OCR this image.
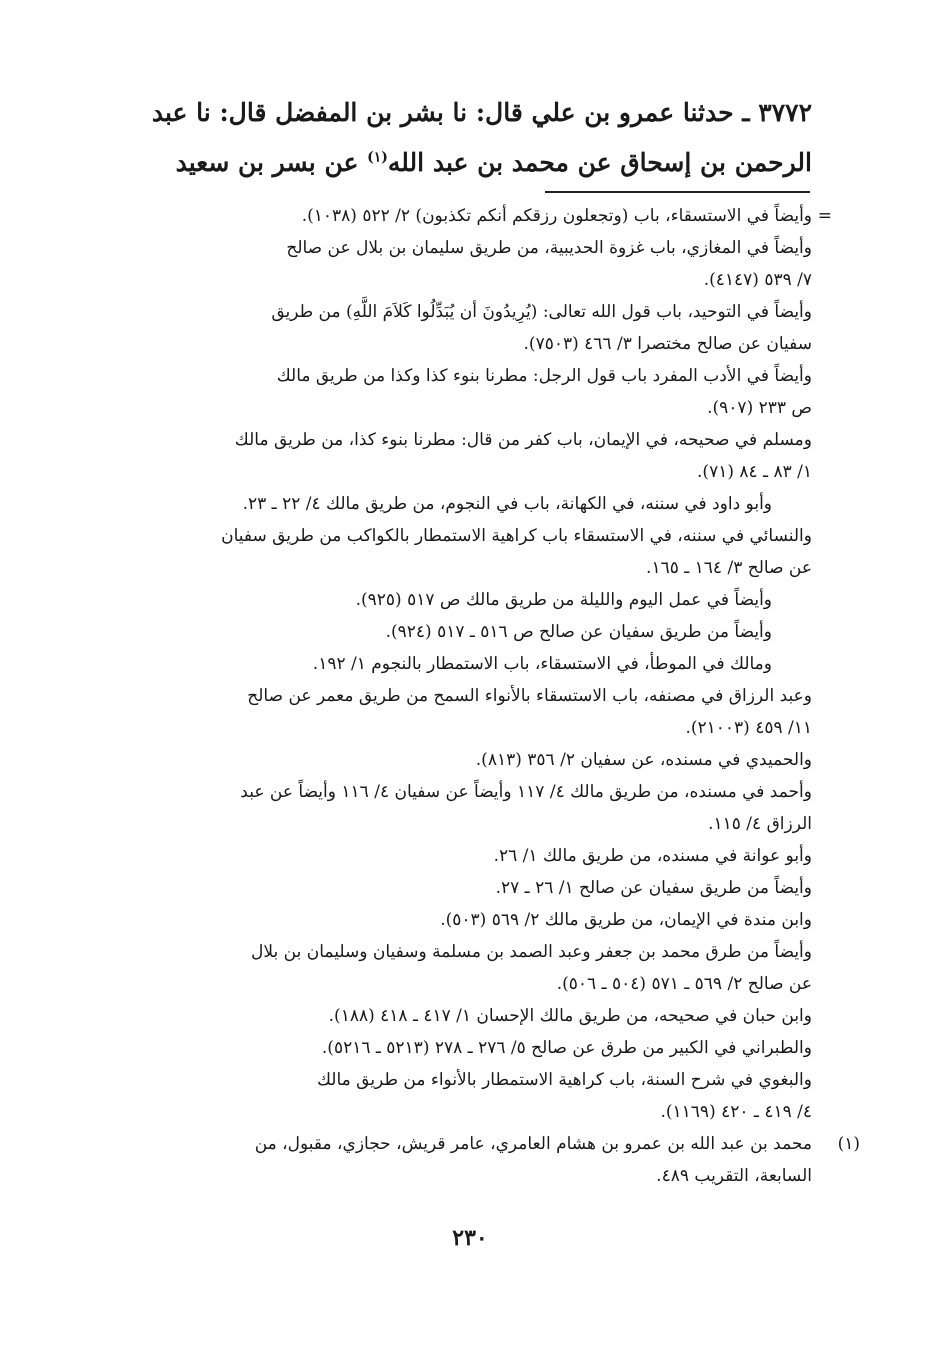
٣٧٧٢ ـ حدثنا عمرو بن علي قال: نا بشر بن المفضل قال: نا عبد
الرحمن بن إسحاق عن محمد بن عبد الله$^{(١)}$ عن بسر بن سعيد
=
وأيضاً في الاستسقاء، باب (وتجعلون رزقكم أنكم تكذبون) ٢/ ٥٢٢ (١٠٣٨).
وأيضاً في المغازي، باب غزوة الحديبية، من طريق سليمان بن بلال عن صالح
٧/ ٥٣٩ (٤١٤٧).
وأيضاً في التوحيد، باب قول الله تعالى: (يُرِيدُونَ أن يُبَدِّلُوا كَلاَمَ اللَّهِ) من طريق
سفيان عن صالح مختصرا ٣/ ٤٦٦ (٧٥٠٣).
وأيضاً في الأدب المفرد باب قول الرجل: مطرنا بنوء كذا وكذا من طريق مالك
ص ٢٣٣ (٩٠٧).
ومسلم في صحيحه، في الإيمان، باب كفر من قال: مطرنا بنوء كذا، من طريق مالك
١/ ٨٣ ـ ٨٤ (٧١).
وأبو داود في سننه، في الكهانة، باب في النجوم، من طريق مالك ٤/ ٢٢ ـ ٢٣.
والنسائي في سننه، في الاستسقاء باب كراهية الاستمطار بالكواكب من طريق سفيان
عن صالح ٣/ ١٦٤ ـ ١٦٥.
وأيضاً في عمل اليوم والليلة من طريق مالك ص ٥١٧ (٩٢٥).
وأيضاً من طريق سفيان عن صالح ص ٥١٦ ـ ٥١٧ (٩٢٤).
ومالك في الموطأ، في الاستسقاء، باب الاستمطار بالنجوم ١/ ١٩٢.
وعبد الرزاق في مصنفه، باب الاستسقاء بالأنواء السمح من طريق معمر عن صالح
١١/ ٤٥٩ (٢١٠٠٣).
والحميدي في مسنده، عن سفيان ٢/ ٣٥٦ (٨١٣).
وأحمد في مسنده، من طريق مالك ٤/ ١١٧ وأيضاً عن سفيان ٤/ ١١٦ وأيضاً عن عبد
الرزاق ٤/ ١١٥.
وأبو عوانة في مسنده، من طريق مالك ١/ ٢٦.
وأيضاً من طريق سفيان عن صالح ١/ ٢٦ ـ ٢٧.
وابن مندة في الإيمان، من طريق مالك ٢/ ٥٦٩ (٥٠٣).
وأيضاً من طرق محمد بن جعفر وعبد الصمد بن مسلمة وسفيان وسليمان بن بلال
عن صالح ٢/ ٥٦٩ ـ ٥٧١ (٥٠٤ ـ ٥٠٦).
وابن حبان في صحيحه، من طريق مالك الإحسان ١/ ٤١٧ ـ ٤١٨ (١٨٨).
والطبراني في الكبير من طرق عن صالح ٥/ ٢٧٦ ـ ٢٧٨ (٥٢١٣ ـ ٥٢١٦).
والبغوي في شرح السنة، باب كراهية الاستمطار بالأنواء من طريق مالك
٤/ ٤١٩ ـ ٤٢٠ (١١٦٩).
(١)
محمد بن عبد الله بن عمرو بن هشام العامري، عامر قريش، حجازي، مقبول، من
السابعة، التقريب ٤٨٩.
٢٣٠
